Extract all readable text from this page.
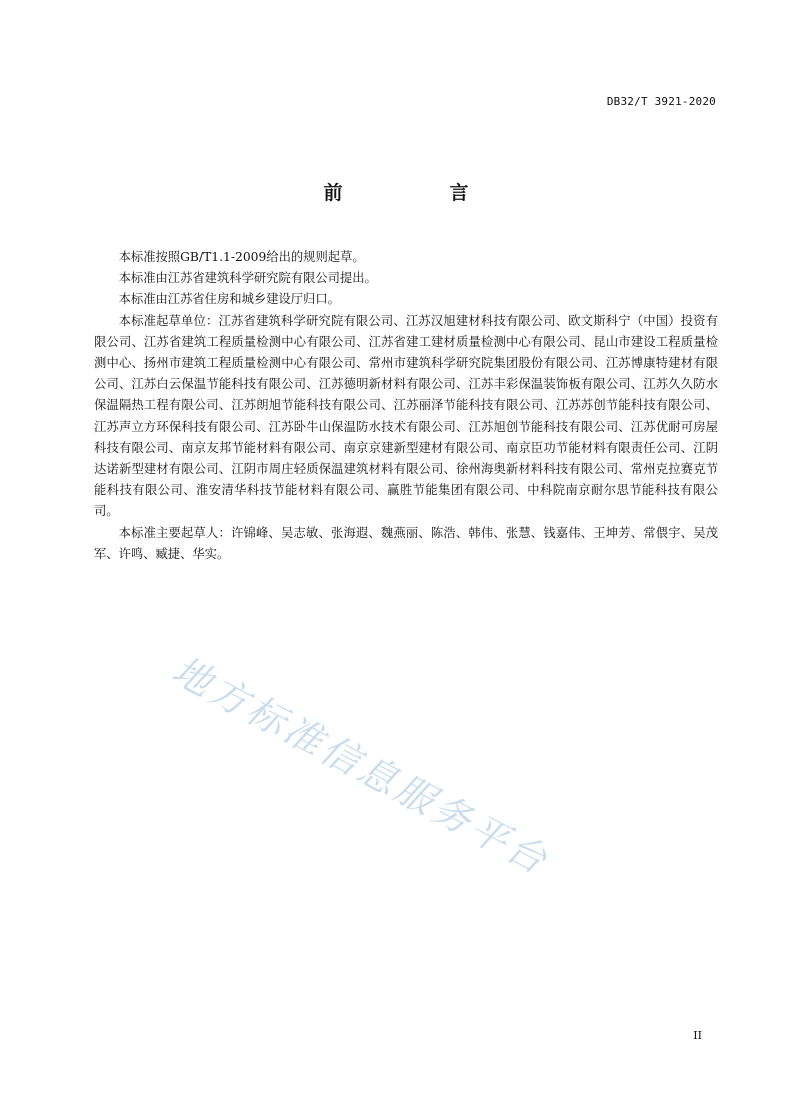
DB32/T 3921-2020
前　言

本标准按照GB/T1.1-2009给出的规则起草。

本标准由江苏省建筑科学研究院有限公司提出。

本标准由江苏省住房和城乡建设厅归口。

本标准起草单位：江苏省建筑科学研究院有限公司、江苏汉旭建材科技有限公司、欧文斯科宁（中国）投资有限公司、江苏省建筑工程质量检测中心有限公司、江苏省建工建材质量检测中心有限公司、昆山市建设工程质量检测中心、扬州市建筑工程质量检测中心有限公司、常州市建筑科学研究院集团股份有限公司、江苏博康特建材有限公司、江苏白云保温节能科技有限公司、江苏德明新材料有限公司、江苏丰彩保温装饰板有限公司、江苏久久防水保温隔热工程有限公司、江苏朗旭节能科技有限公司、江苏丽泽节能科技有限公司、江苏苏创节能科技有限公司、江苏声立方环保科技有限公司、江苏卧牛山保温防水技术有限公司、江苏旭创节能科技有限公司、江苏优耐可房屋科技有限公司、南京友邦节能材料有限公司、南京京建新型建材有限公司、南京臣功节能材料有限责任公司、江阴达诺新型建材有限公司、江阴市周庄轻质保温建筑材料有限公司、徐州海奥新材料科技有限公司、常州克拉赛克节能科技有限公司、淮安清华科技节能材料有限公司、赢胜节能集团有限公司、中科院南京耐尔思节能科技有限公司。

本标准主要起草人：许锦峰、吴志敏、张海遐、魏燕丽、陈浩、韩伟、张慧、钱嘉伟、王坤芳、常偎宇、吴茂军、许鸣、臧捷、华实。

地方标准信息服务平台
II
